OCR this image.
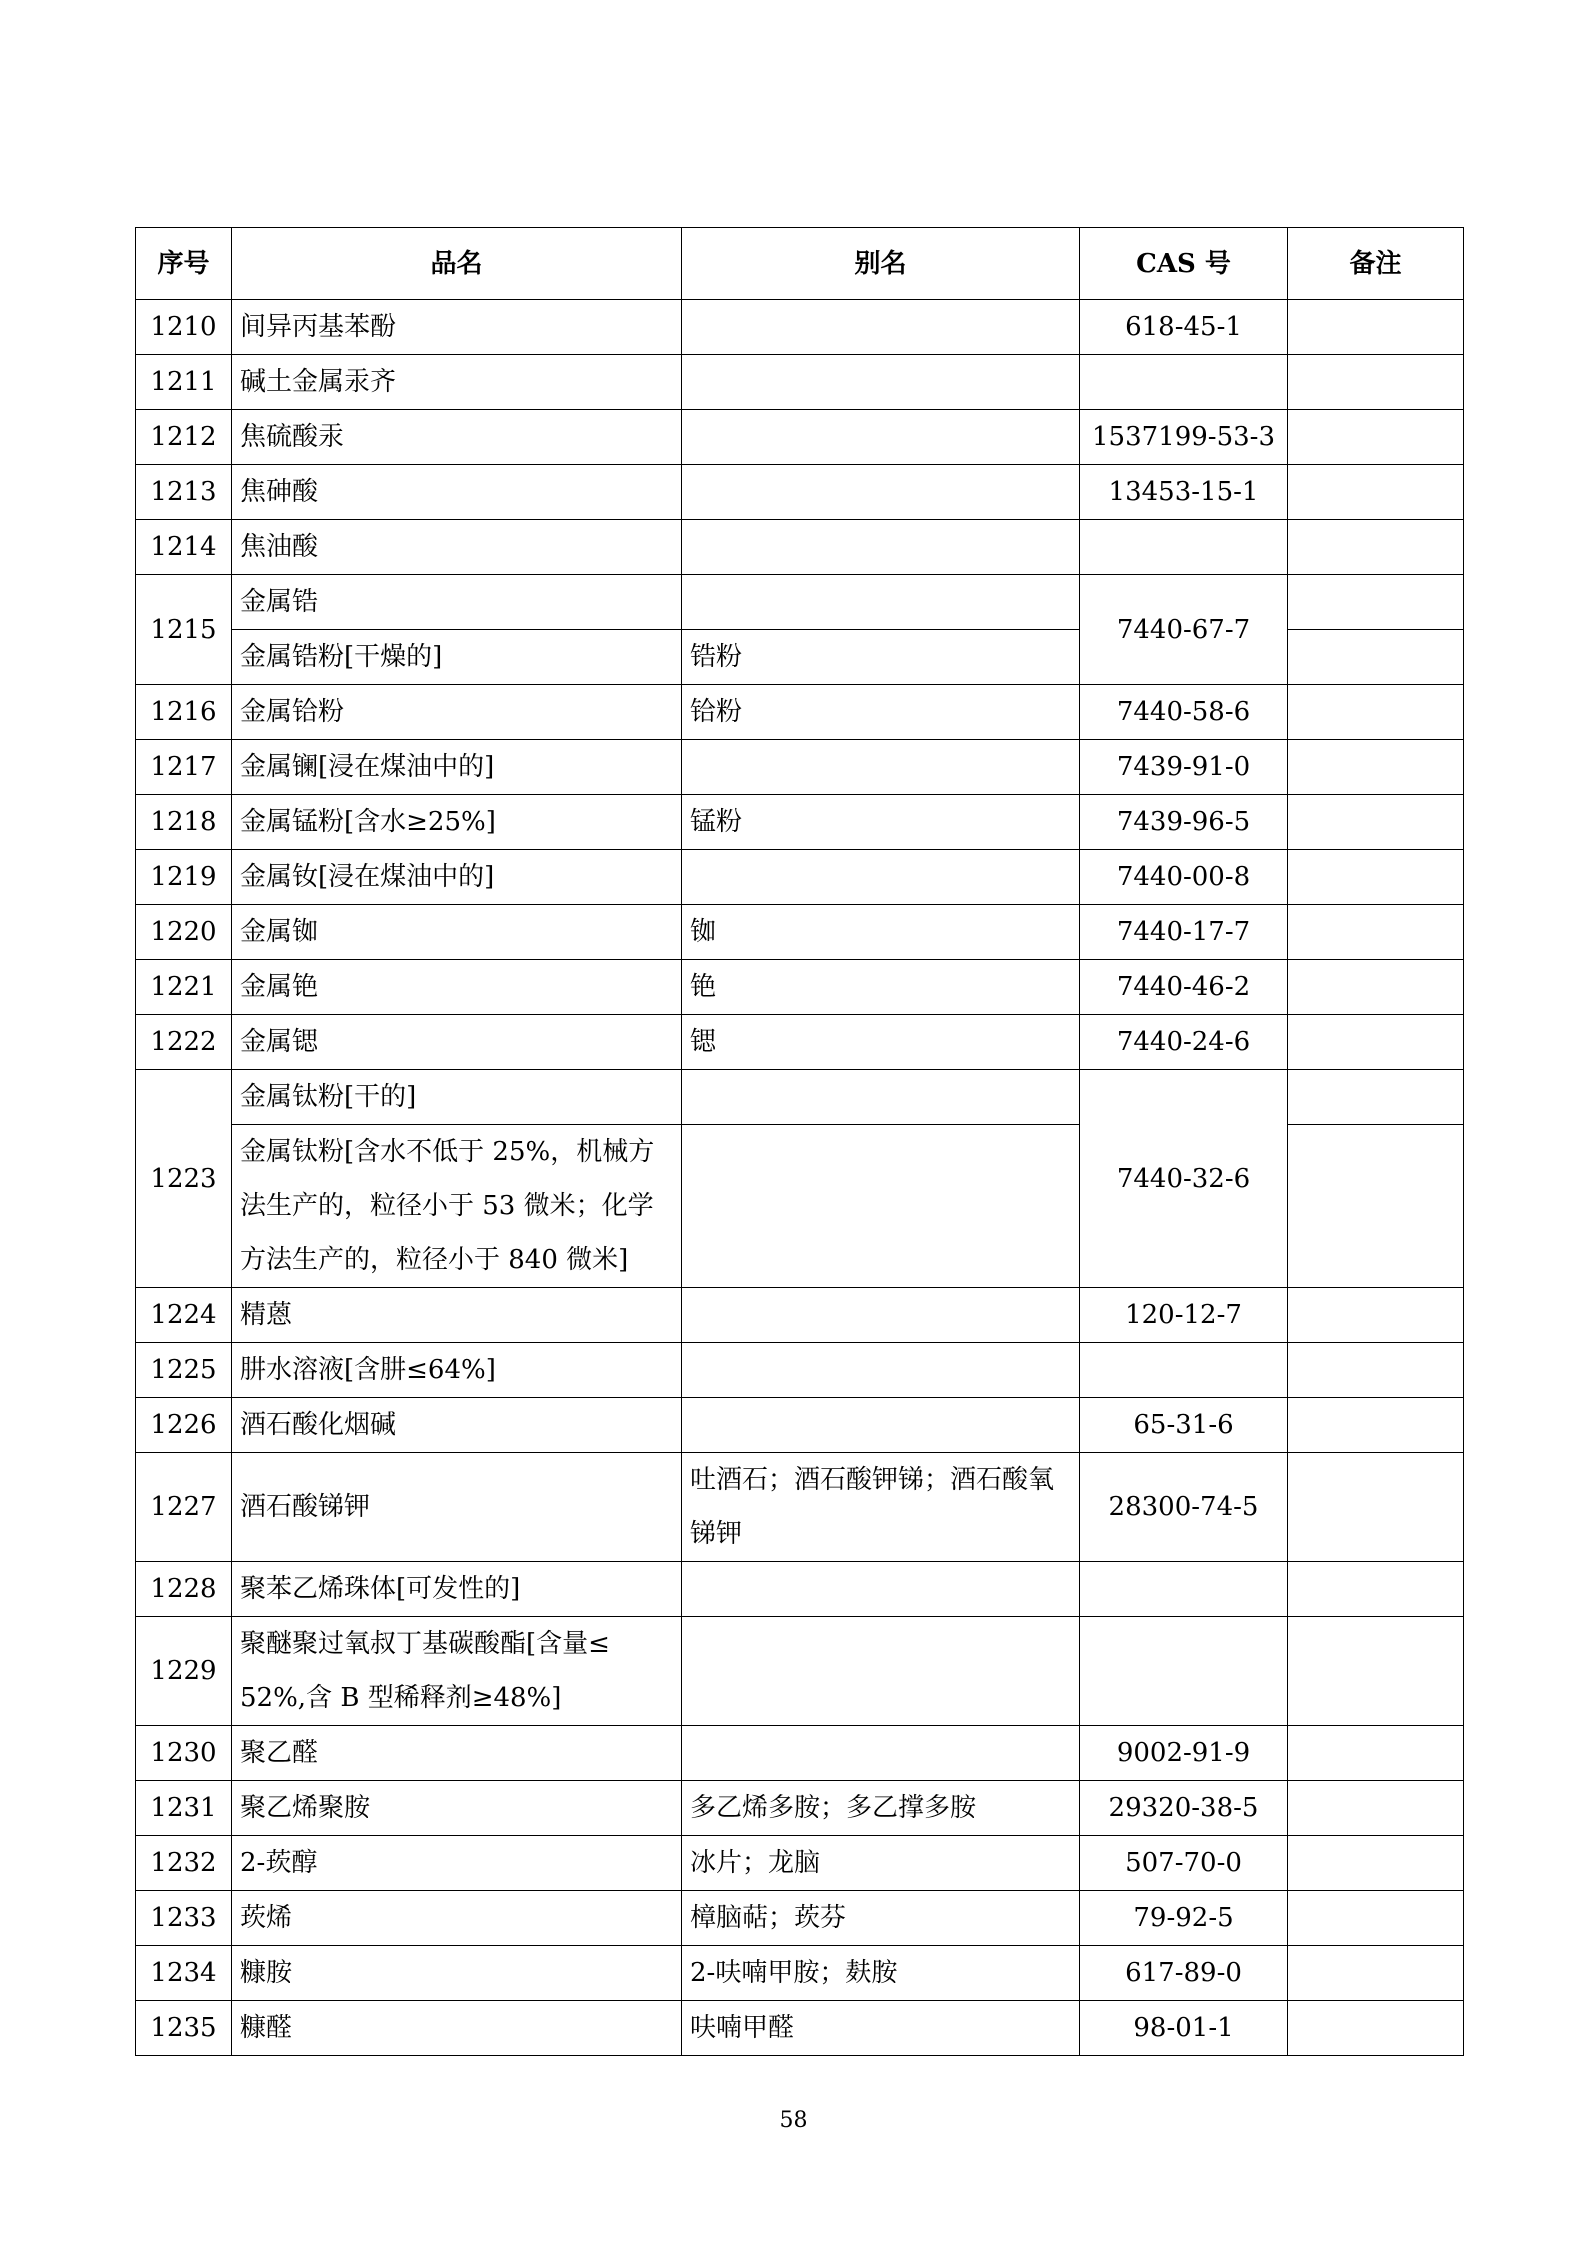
序号	品名	别名	CAS 号	备注
1210	间异丙基苯酚		618-45-1	
1211	碱土金属汞齐			
1212	焦硫酸汞		1537199-53-3	
1213	焦砷酸		13453-15-1	
1214	焦油酸			
1215	金属锆		7440-67-7	
	金属锆粉[干燥的]	锆粉		
1216	金属铪粉	铪粉	7440-58-6	
1217	金属镧[浸在煤油中的]		7439-91-0	
1218	金属锰粉[含水≥25%]	锰粉	7439-96-5	
1219	金属钕[浸在煤油中的]		7440-00-8	
1220	金属铷	铷	7440-17-7	
1221	金属铯	铯	7440-46-2	
1222	金属锶	锶	7440-24-6	
1223	金属钛粉[干的]		7440-32-6	

	金属钛粉[含水不低于 25%，机械方
法生产的，粒径小于 53 微米；化学
方法生产的，粒径小于 840 微米]			

1224	精蒽		120-12-7	
1225	肼水溶液[含肼≤64%]			
1226	酒石酸化烟碱		65-31-6	
1227	酒石酸锑钾	吐酒石；酒石酸钾锑；酒石酸氧
锑钾	28300-74-5	
1228	聚苯乙烯珠体[可发性的]			
1229	聚醚聚过氧叔丁基碳酸酯[含量≤
52%,含 B 型稀释剂≥48%]			

1230	聚乙醛		9002-91-9	
1231	聚乙烯聚胺	多乙烯多胺；多乙撑多胺	29320-38-5	
1232	2-莰醇	冰片；龙脑	507-70-0	
1233	莰烯	樟脑萜；莰芬	79-92-5	
1234	糠胺	2-呋喃甲胺；麸胺	617-89-0	
1235	糠醛	呋喃甲醛	98-01-1	
58
